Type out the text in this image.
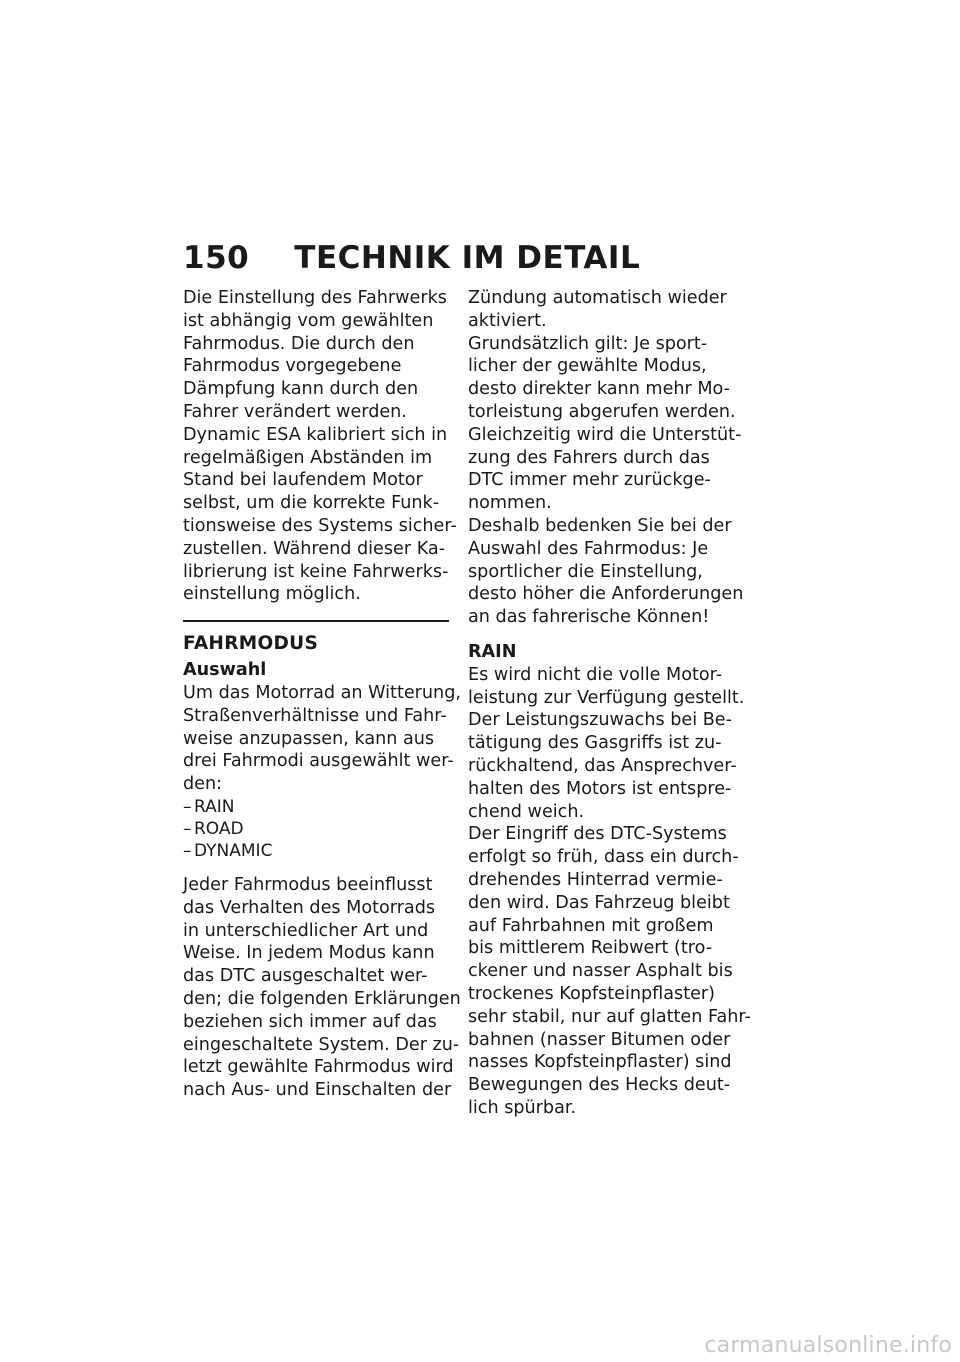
150 TECHNIK IM DETAIL

Die Einstellung des Fahrwerks
ist abhängig vom gewählten
Fahrmodus. Die durch den
Fahrmodus vorgegebene
Dämpfung kann durch den
Fahrer verändert werden.
Dynamic ESA kalibriert sich in
regelmäßigen Abständen im
Stand bei laufendem Motor
selbst, um die korrekte Funk-
tionsweise des Systems sicher-
zustellen. Während dieser Ka-
librierung ist keine Fahrwerks-
einstellung möglich.

FAHRMODUS
Auswahl

Um das Motorrad an Witterung,
Straßenverhältnisse und Fahr-
weise anzupassen, kann aus
drei Fahrmodi ausgewählt wer-
den:

– RAIN
– ROAD
– DYNAMIC

Jeder Fahrmodus beeinflusst
das Verhalten des Motorrads
in unterschiedlicher Art und
Weise. In jedem Modus kann
das DTC ausgeschaltet wer-
den; die folgenden Erklärungen
beziehen sich immer auf das
eingeschaltete System. Der zu-
letzt gewählte Fahrmodus wird
nach Aus- und Einschalten der

Zündung automatisch wieder
aktiviert.
Grundsätzlich gilt: Je sport-
licher der gewählte Modus,
desto direkter kann mehr Mo-
torleistung abgerufen werden.
Gleichzeitig wird die Unterstüt-
zung des Fahrers durch das
DTC immer mehr zurückge-
nommen.
Deshalb bedenken Sie bei der
Auswahl des Fahrmodus: Je
sportlicher die Einstellung,
desto höher die Anforderungen
an das fahrerische Können!

RAIN

Es wird nicht die volle Motor-
leistung zur Verfügung gestellt.
Der Leistungszuwachs bei Be-
tätigung des Gasgriffs ist zu-
rückhaltend, das Ansprechver-
halten des Motors ist entspre-
chend weich.
Der Eingriff des DTC-Systems
erfolgt so früh, dass ein durch-
drehendes Hinterrad vermie-
den wird. Das Fahrzeug bleibt
auf Fahrbahnen mit großem
bis mittlerem Reibwert (tro-
ckener und nasser Asphalt bis
trockenes Kopfsteinpflaster)
sehr stabil, nur auf glatten Fahr-
bahnen (nasser Bitumen oder
nasses Kopfsteinpflaster) sind
Bewegungen des Hecks deut-
lich spürbar.

carmanualsonline.info
